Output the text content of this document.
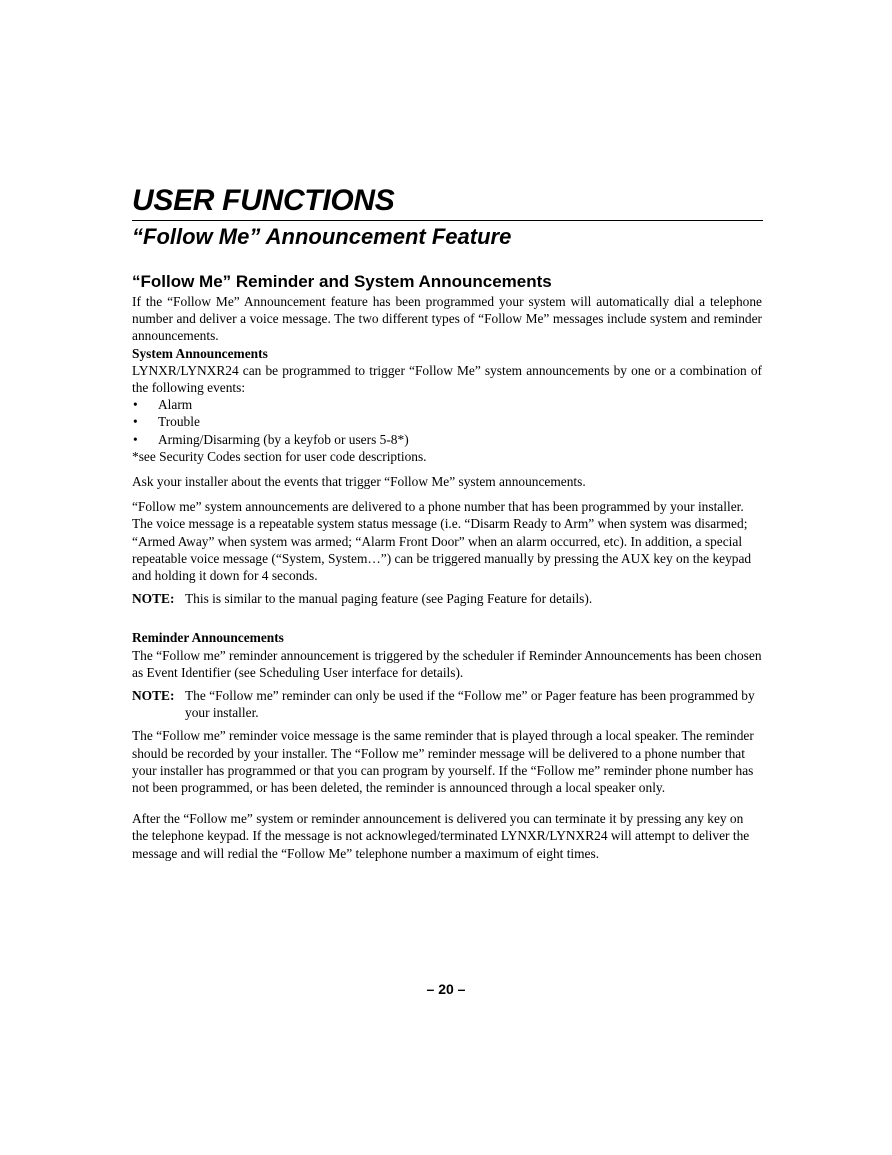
USER FUNCTIONS
“Follow Me” Announcement Feature
“Follow Me” Reminder and System Announcements

If the “Follow Me” Announcement feature has been programmed your system will automatically dial a telephone number and deliver a voice message. The two different types of “Follow Me” messages include system and reminder announcements.

System Announcements

LYNXR/LYNXR24 can be programmed to trigger “Follow Me” system announcements by one or a combination of the following events:

• Alarm
• Trouble
• Arming/Disarming (by a keyfob or users 5-8*)

*see Security Codes section for user code descriptions.

Ask your installer about the events that trigger “Follow Me” system announcements.

“Follow me” system announcements are delivered to a phone number that has been programmed by your installer. The voice message is a repeatable system status message (i.e. “Disarm Ready to Arm” when system was disarmed; “Armed Away” when system was armed; “Alarm Front Door” when an alarm occurred, etc). In addition, a special repeatable voice message (“System, System…”) can be triggered manually by pressing the AUX key on the keypad and holding it down for 4 seconds.

NOTE: This is similar to the manual paging feature (see Paging Feature for details).

Reminder Announcements

The “Follow me” reminder announcement is triggered by the scheduler if Reminder Announcements has been chosen as Event Identifier (see Scheduling User interface for details).

NOTE: The “Follow me” reminder can only be used if the “Follow me” or Pager feature has been programmed by your installer.

The “Follow me” reminder voice message is the same reminder that is played through a local speaker. The reminder should be recorded by your installer. The “Follow me” reminder message will be delivered to a phone number that your installer has programmed or that you can program by yourself. If the “Follow me” reminder phone number has not been programmed, or has been deleted, the reminder is announced through a local speaker only.

After the “Follow me” system or reminder announcement is delivered you can terminate it by pressing any key on the telephone keypad. If the message is not acknowleged/terminated LYNXR/LYNXR24 will attempt to deliver the message and will redial the “Follow Me” telephone number a maximum of eight times.

– 20 –
